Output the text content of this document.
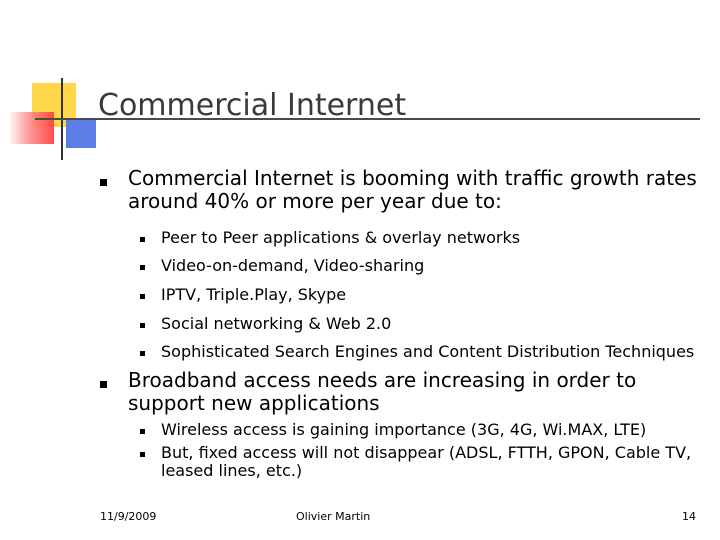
Commercial Internet
Commercial Internet is booming with traffic growth rates around 40% or more per year due to:
Peer to Peer applications & overlay networks
Video-on-demand, Video-sharing
IPTV, Triple.Play, Skype
Social networking & Web 2.0
Sophisticated Search Engines and Content Distribution Techniques
Broadband access needs are increasing in order to support new applications
Wireless access is gaining importance (3G, 4G, Wi.MAX, LTE)
But, fixed access will not disappear (ADSL, FTTH, GPON, Cable TV, leased lines, etc.)
11/9/2009	Olivier Martin	14
